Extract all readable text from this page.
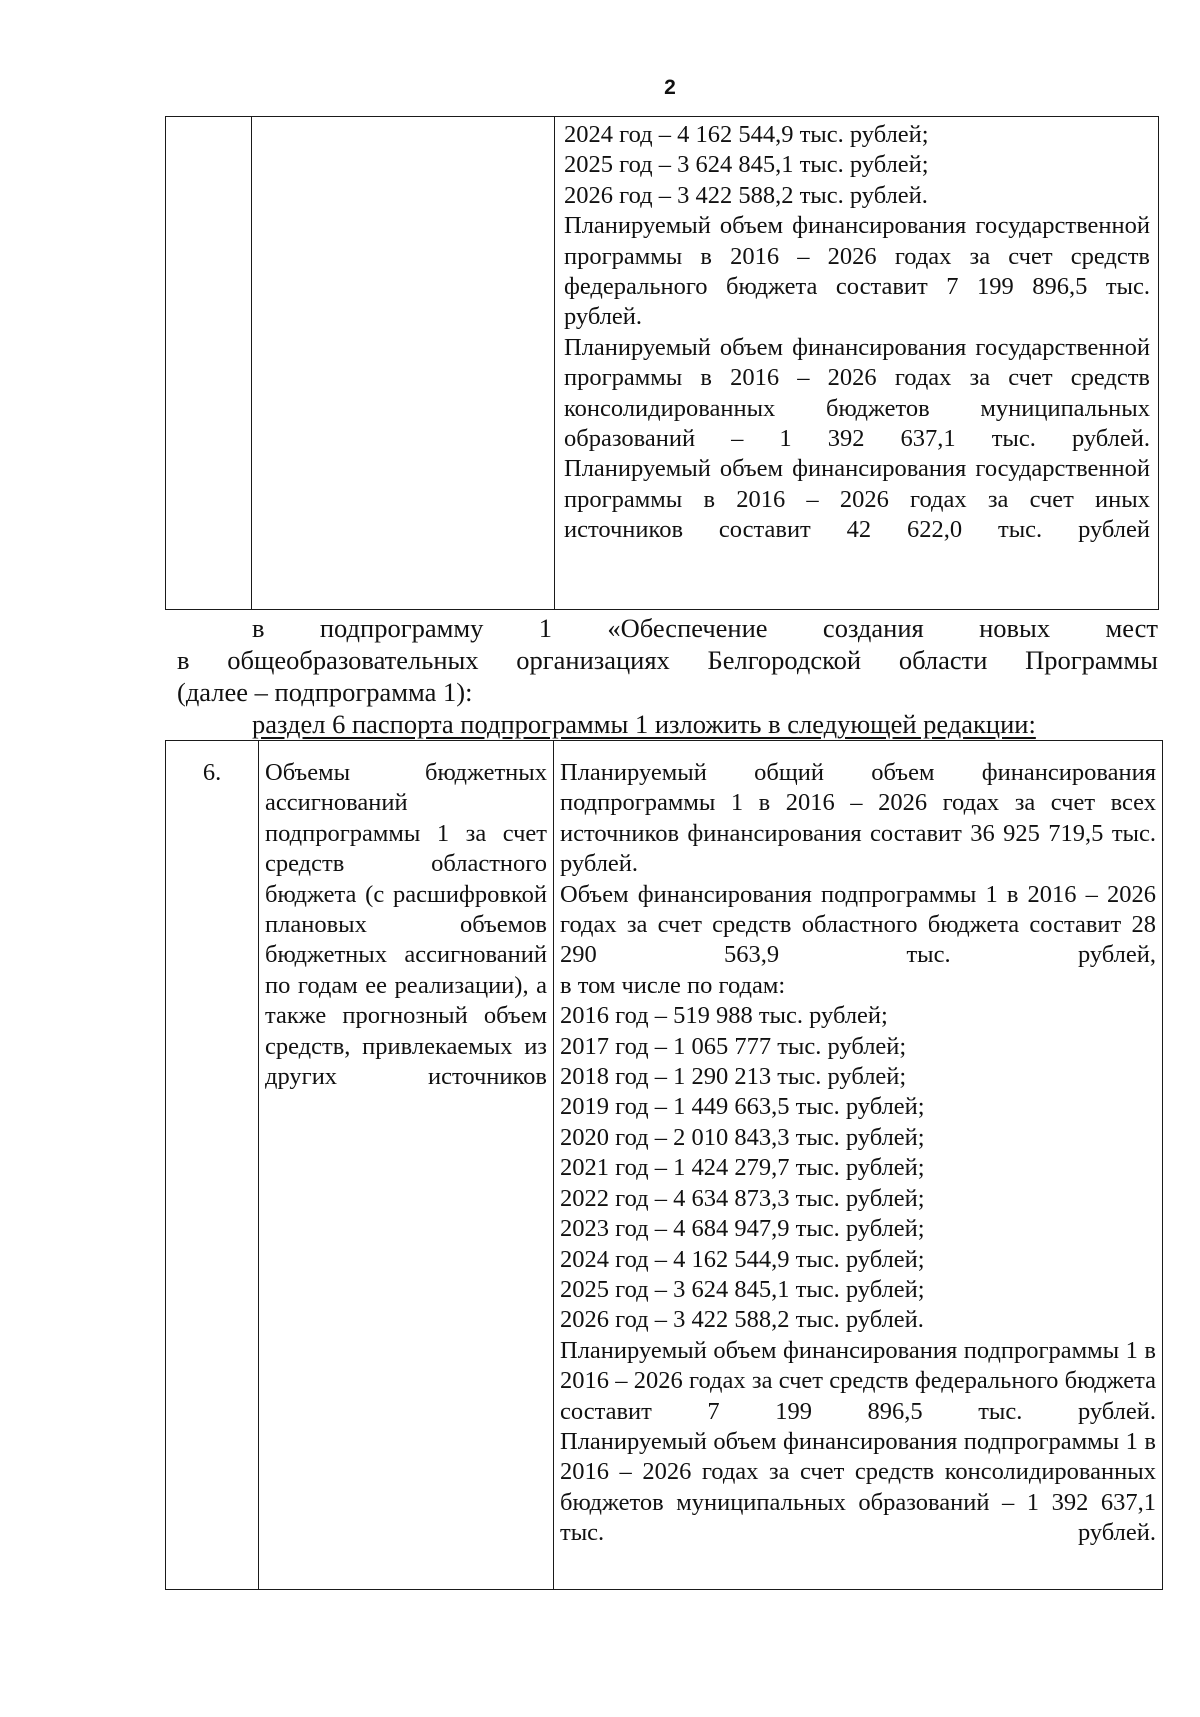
2

2024 год – 4 162 544,9 тыс. рублей;
2025 год – 3 624 845,1 тыс. рублей;
2026 год – 3 422 588,2 тыс. рублей.
Планируемый объем финансирования государственной программы в 2016 – 2026 годах за счет средств федерального бюджета составит 7 199 896,5 тыс. рублей.
Планируемый объем финансирования государственной программы в 2016 – 2026 годах за счет средств консолидированных бюджетов муниципальных образований – 1 392 637,1 тыс. рублей.
Планируемый объем финансирования государственной программы в 2016 – 2026 годах за счет иных источников составит 42 622,0 тыс. рублей
в подпрограмму 1 «Обеспечение создания новых мест
в общеобразовательных организациях Белгородской области Программы
(далее – подпрограмма 1):
раздел 6 паспорта подпрограммы 1 изложить в следующей редакции:
6.	Объемы бюджетных ассигнований подпрограммы 1 за счет средств областного бюджета (с расшифровкой плановых объемов бюджетных ассигнований по годам ее реализации), а также прогнозный объем средств, привлекаемых из других источников	
Планируемый общий объем финансирования подпрограммы 1 в 2016 – 2026 годах за счет всех источников финансирования составит 36 925 719,5 тыс. рублей.
Объем финансирования подпрограммы 1 в 2016 – 2026 годах за счет средств областного бюджета составит 28 290 563,9 тыс. рублей,
в том числе по годам:
2016 год – 519 988 тыс. рублей;
2017 год – 1 065 777 тыс. рублей;
2018 год – 1 290 213 тыс. рублей;
2019 год – 1 449 663,5 тыс. рублей;
2020 год – 2 010 843,3 тыс. рублей;
2021 год – 1 424 279,7 тыс. рублей;
2022 год – 4 634 873,3 тыс. рублей;
2023 год – 4 684 947,9 тыс. рублей;
2024 год – 4 162 544,9 тыс. рублей;
2025 год – 3 624 845,1 тыс. рублей;
2026 год – 3 422 588,2 тыс. рублей.
Планируемый объем финансирования подпрограммы 1 в 2016 – 2026 годах за счет средств федерального бюджета составит 7 199 896,5 тыс. рублей.
Планируемый объем финансирования подпрограммы 1 в 2016 – 2026 годах за счет средств консолидированных бюджетов муниципальных образований – 1 392 637,1 тыс. рублей.
